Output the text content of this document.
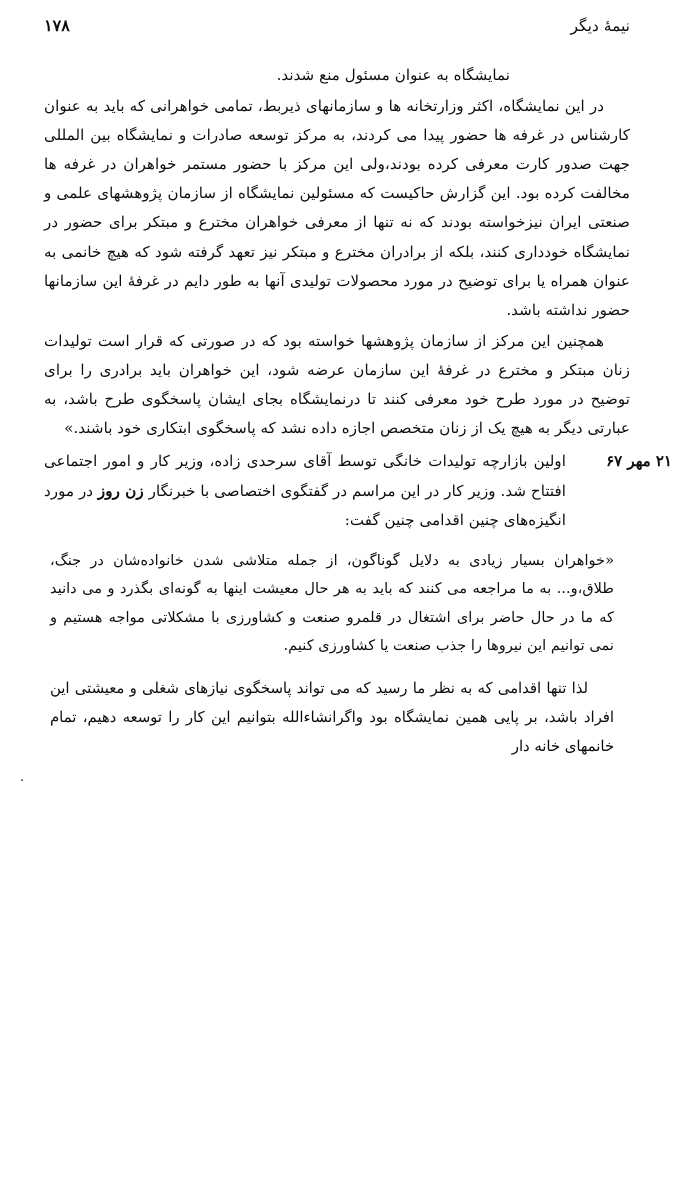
۱۷۸	نیمهٔ دیگر

نمایشگاه به عنوان مسئول منع شدند.

در این نمایشگاه، اکثر وزارتخانه ها و سازمانهای ذیربط، تمامی خواهرانی که باید به عنوان کارشناس در غرفه ها حضور پیدا می کردند، به مرکز توسعه صادرات و نمایشگاه بین المللی جهت صدور کارت معرفی کرده بودند،ولی این مرکز با حضور مستمر خواهران در غرفه ها مخالفت کرده بود. این گزارش حاکیست که مسئولین نمایشگاه از سازمان پژوهشهای علمی و صنعتی ایران نیزخواسته بودند که نه تنها از معرفی خواهران مخترع و مبتکر برای حضور در نمایشگاه خودداری کنند، بلکه از برادران مخترع و مبتکر نیز تعهد گرفته شود که هیچ خانمی به عنوان همراه یا برای توضیح در مورد محصولات تولیدی آنها به طور دایم در غرفهٔ این سازمانها حضور نداشته باشد.

همچنین این مرکز از سازمان پژوهشها خواسته بود که در صورتی که قرار است تولیدات زنان مبتکر و مخترع در غرفهٔ این سازمان عرضه شود، این خواهران باید برادری را برای توضیح در مورد طرح خود معرفی کنند تا درنمایشگاه بجای ایشان پاسخگوی طرح باشد، به عبارتی دیگر به هیچ یک از زنان متخصص اجازه داده نشد که پاسخگوی ابتکاری خود باشند.»

۲۱ مهر ۶۷

اولین بازارچه تولیدات خانگی توسط آقای سرحدی زاده، وزیر کار و امور اجتماعی افتتاح شد. وزیر کار در این مراسم در گفتگوی اختصاصی با خبرنگار زن روز در مورد انگیزه‌های چنین اقدامی چنین گفت:

«خواهران بسیار زیادی به دلایل گوناگون، از جمله متلاشی شدن خانواده‌شان در جنگ، طلاق،و... به ما مراجعه می کنند که باید به هر حال معیشت اینها به گونه‌ای بگذرد و می دانید که ما در حال حاضر برای اشتغال در قلمرو صنعت و کشاورزی با مشکلاتی مواجه هستیم و نمی توانیم این نیروها را جذب صنعت یا کشاورزی کنیم.

لذا تنها اقدامی که به نظر ما رسید که می تواند پاسخگوی نیازهای شغلی و معیشتی این افراد باشد، بر پایی همین نمایشگاه بود واگرانشاءالله بتوانیم این کار را توسعه دهیم، تمام خانمهای خانه دار

.
